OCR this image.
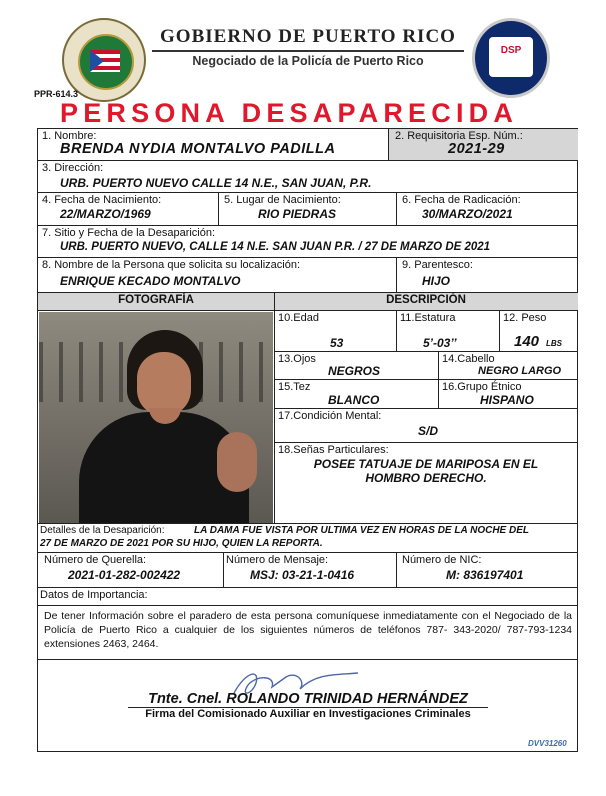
GOBIERNO DE PUERTO RICO
Negociado de la Policía de Puerto Rico
DSP
PPR-614.3
PERSONA DESAPARECIDA
1. Nombre:
BRENDA NYDIA MONTALVO PADILLA
2. Requisitoria Esp. Núm.:
2021-29
3. Dirección:
URB. PUERTO NUEVO CALLE 14 N.E., SAN JUAN, P.R.
4. Fecha de Nacimiento:
22/MARZO/1969
5. Lugar de Nacimiento:
RIO PIEDRAS
6. Fecha de Radicación:
30/MARZO/2021
7. Sitio y Fecha de la Desaparición:
URB. PUERTO NUEVO, CALLE 14 N.E. SAN JUAN P.R. / 27 DE MARZO DE 2021
8. Nombre de la Persona que solicita su localización:
ENRIQUE KECADO MONTALVO
9. Parentesco:
HIJO
FOTOGRAFÍA	DESCRIPCIÓN
10.Edad
53
11.Estatura
5’-03’’
12. Peso
140 LBS
13.Ojos
NEGROS
14.Cabello
NEGRO LARGO
15.Tez
BLANCO
16.Grupo Étnico
HISPANO
17.Condición Mental:
S/D
18.Señas Particulares:
POSEE TATUAJE DE MARIPOSA EN EL
HOMBRO DERECHO.
Detalles de la Desaparición:	LA DAMA FUE VISTA POR ULTIMA VEZ EN HORAS DE LA NOCHE DEL
27 DE MARZO DE 2021 POR SU HIJO, QUIEN LA REPORTA.
Número de Querella:
2021-01-282-002422
Número de Mensaje:
MSJ: 03-21-1-0416
Número de NIC:
M: 836197401
Datos de Importancia:
De tener Información sobre el paradero de esta persona comuníquese inmediatamente con el Negociado de la Policía de Puerto Rico a cualquier de los siguientes números de teléfonos 787- 343-2020/ 787-793-1234 extensiones 2463, 2464.
Tnte. Cnel. ROLANDO TRINIDAD HERNÁNDEZ
Firma del Comisionado Auxiliar en Investigaciones Criminales
DVV31260
